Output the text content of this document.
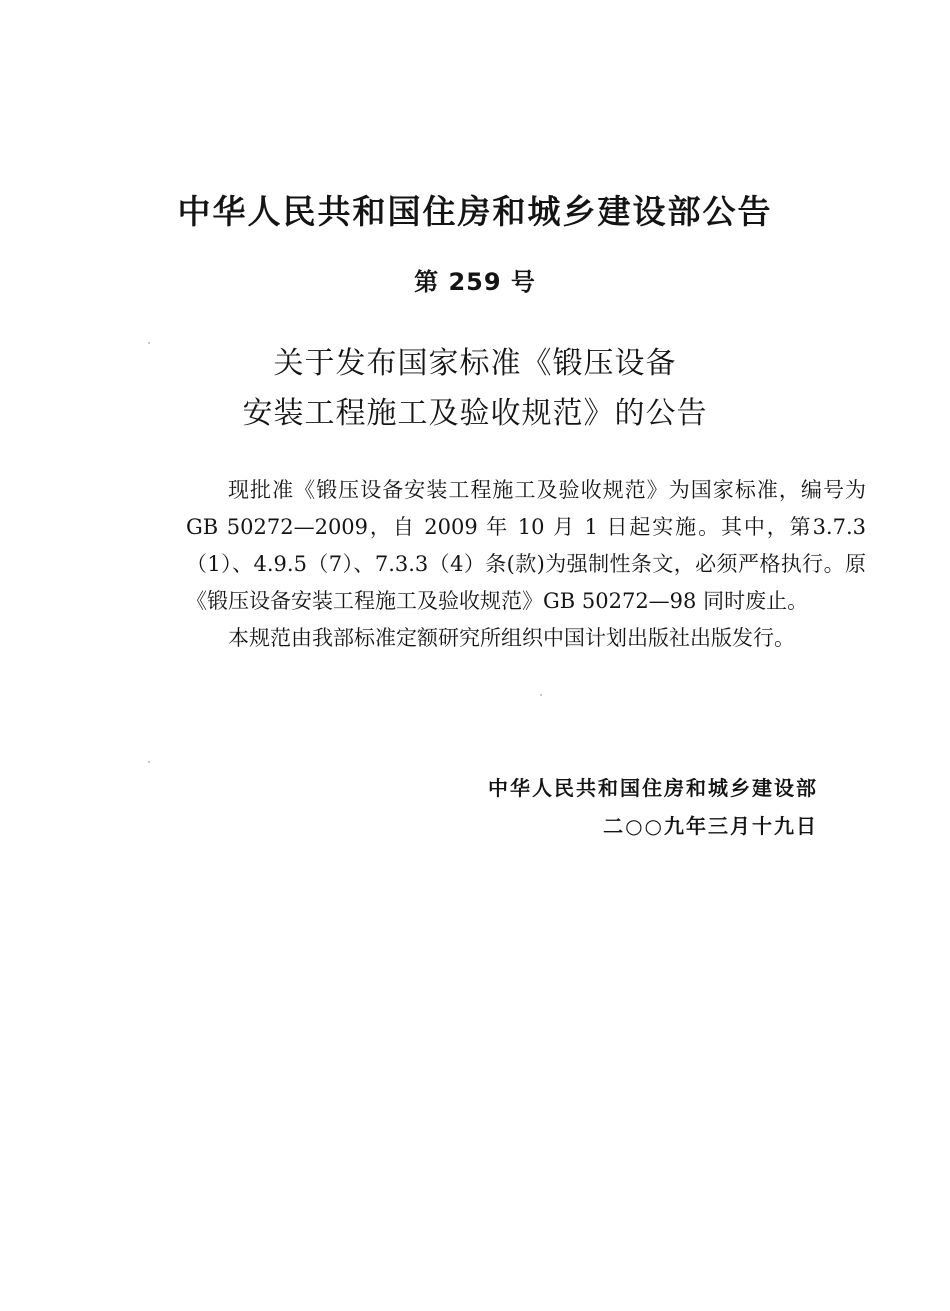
中华人民共和国住房和城乡建设部公告
第 259 号
关于发布国家标准《锻压设备
安装工程施工及验收规范》的公告

现批准《锻压设备安装工程施工及验收规范》为国家标准，编号为GB 50272—2009，自 2009 年 10 月 1 日起实施。其中，第3.7.3（1）、4.9.5（7）、7.3.3（4）条(款)为强制性条文，必须严格执行。原《锻压设备安装工程施工及验收规范》GB 50272—98 同时废止。

本规范由我部标准定额研究所组织中国计划出版社出版发行。

中华人民共和国住房和城乡建设部
二○○九年三月十九日
